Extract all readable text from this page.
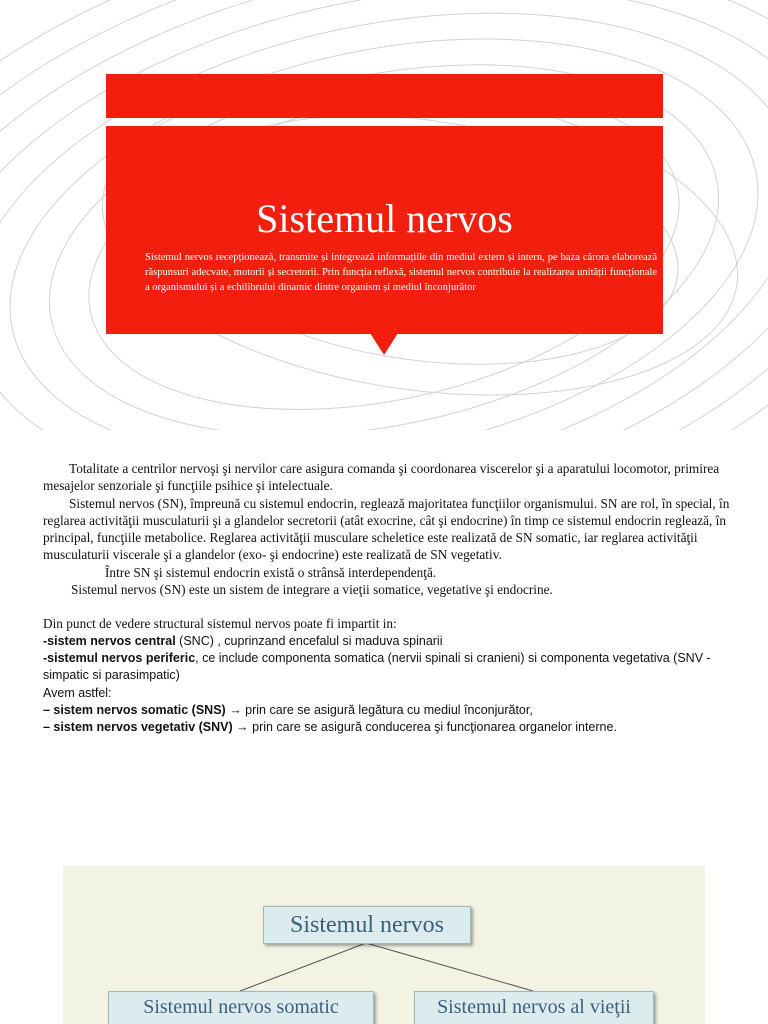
Sistemul nervos
Sistemul nervos recepționează, transmite și integrează informațiile din mediul extern și intern, pe baza cărora elaborează răspunsuri adecvate, motorii și secretorii. Prin funcția reflexă, sistemul nervos contribuie la realizarea unității funcționale a organismului și a echilibrului dinamic dintre organism și mediul înconjurător

Totalitate a centrilor nervoşi şi nervilor care asigura comanda şi coordonarea viscerelor şi a aparatului locomotor, primirea mesajelor senzoriale şi funcţiile psihice şi intelectuale.

Sistemul nervos (SN), împreună cu sistemul endocrin, reglează majoritatea funcţiilor organismului. SN are rol, în special, în reglarea activităţii musculaturii şi a glandelor secretorii (atât exocrine, cât şi endocrine) în timp ce sistemul endocrin reglează, în principal, funcţiile metabolice. Reglarea activităţii musculare scheletice este realizată de SN somatic, iar reglarea activităţii musculaturii viscerale şi a glandelor (exo- şi endocrine) este realizată de SN vegetativ.

Între SN şi sistemul endocrin există o strânsă interdependenţă.

Sistemul nervos (SN) este un sistem de integrare a vieţii somatice, vegetative şi endocrine.

Din punct de vedere structural sistemul nervos poate fi impartit in:

-sistem nervos central (SNC) , cuprinzand encefalul si maduva spinarii

-sistemul nervos periferic, ce include componenta somatica (nervii spinali si cranieni) si componenta vegetativa (SNV - simpatic si parasimpatic)

Avem astfel:

– sistem nervos somatic (SNS) → prin care se asigură legătura cu mediul înconjurător,

– sistem nervos vegetativ (SNV) → prin care se asigură conducerea şi funcţionarea organelor interne.

Sistemul nervos
Sistemul nervos somatic	Sistemul nervos al vieţii
